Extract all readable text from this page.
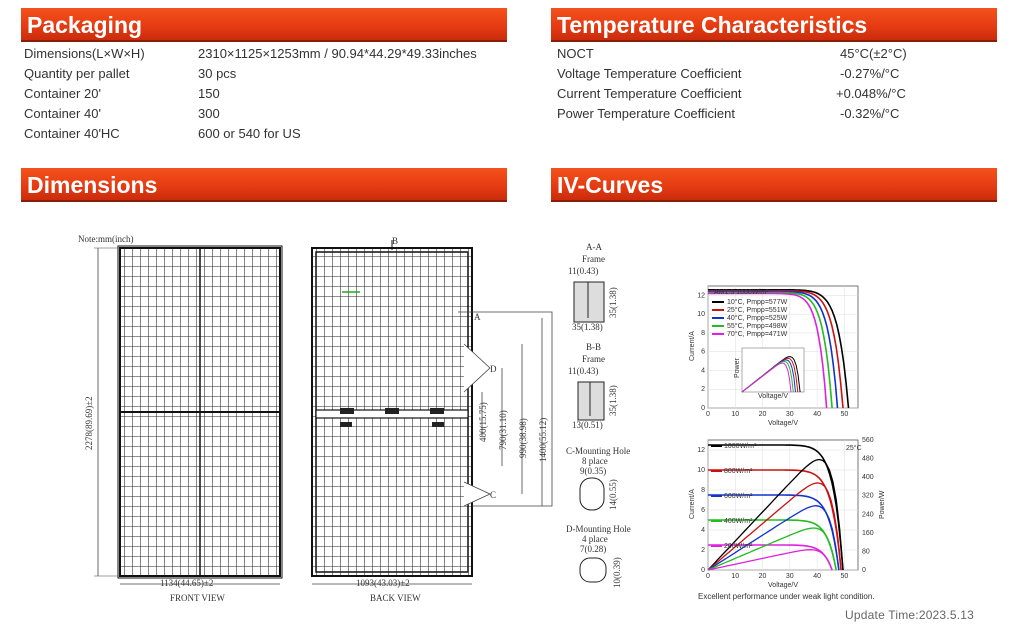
Packaging	Temperature Characteristics
Dimensions	IV-Curves
Dimensions(L×W×H)	2310×1125×1253mm / 90.94*44.29*49.33inches
Quantity per pallet	30 pcs
Container 20'	150
Container 40'	300
Container 40'HC	600 or 540 for US
NOCT	45°C(±2°C)
Voltage Temperature Coefficient	-0.27%/°C
Current Temperature Coefficient	+0.048%/°C
Power Temperature Coefficient	-0.32%/°C
Note:mm(inch)
2278(89.69)±2
1134(44.65)±2
FRONT VIEW
B
1093(43.03)±2
BACK VIEW
A
D
C
400(15.75) 790(31.10) 990(38.98) 1400(55.12)
A-A
Frame
11(0.43)
35(1.38)
35(1.38)
B-B
Frame
11(0.43)
35(1.38)
13(0.51)
C-Mounting Hole
8 place
9(0.35)
14(0.55)
D-Mounting Hole
4 place
7(0.28)
10(0.39)
0	10	20	30	40	50
0
2
4
6
8
10
12
Voltage/V
Current/A
AM1.5 1000W/m²
10°C, Pmpp=577W
25°C, Pmpp=551W
40°C, Pmpp=525W
55°C, Pmpp=498W
70°C, Pmpp=471W
Voltage/V
Power
0	10	20	30	40	50
0
2
4
6
8
10
12
Voltage/V
Current/A
0
80
160
240
320
400
480
560
Power/W
25°C
1000W/m²
800W/m²
600W/m²
400W/m²
200W/m²
Excellent performance under weak light condition.
Update Time:2023.5.13
